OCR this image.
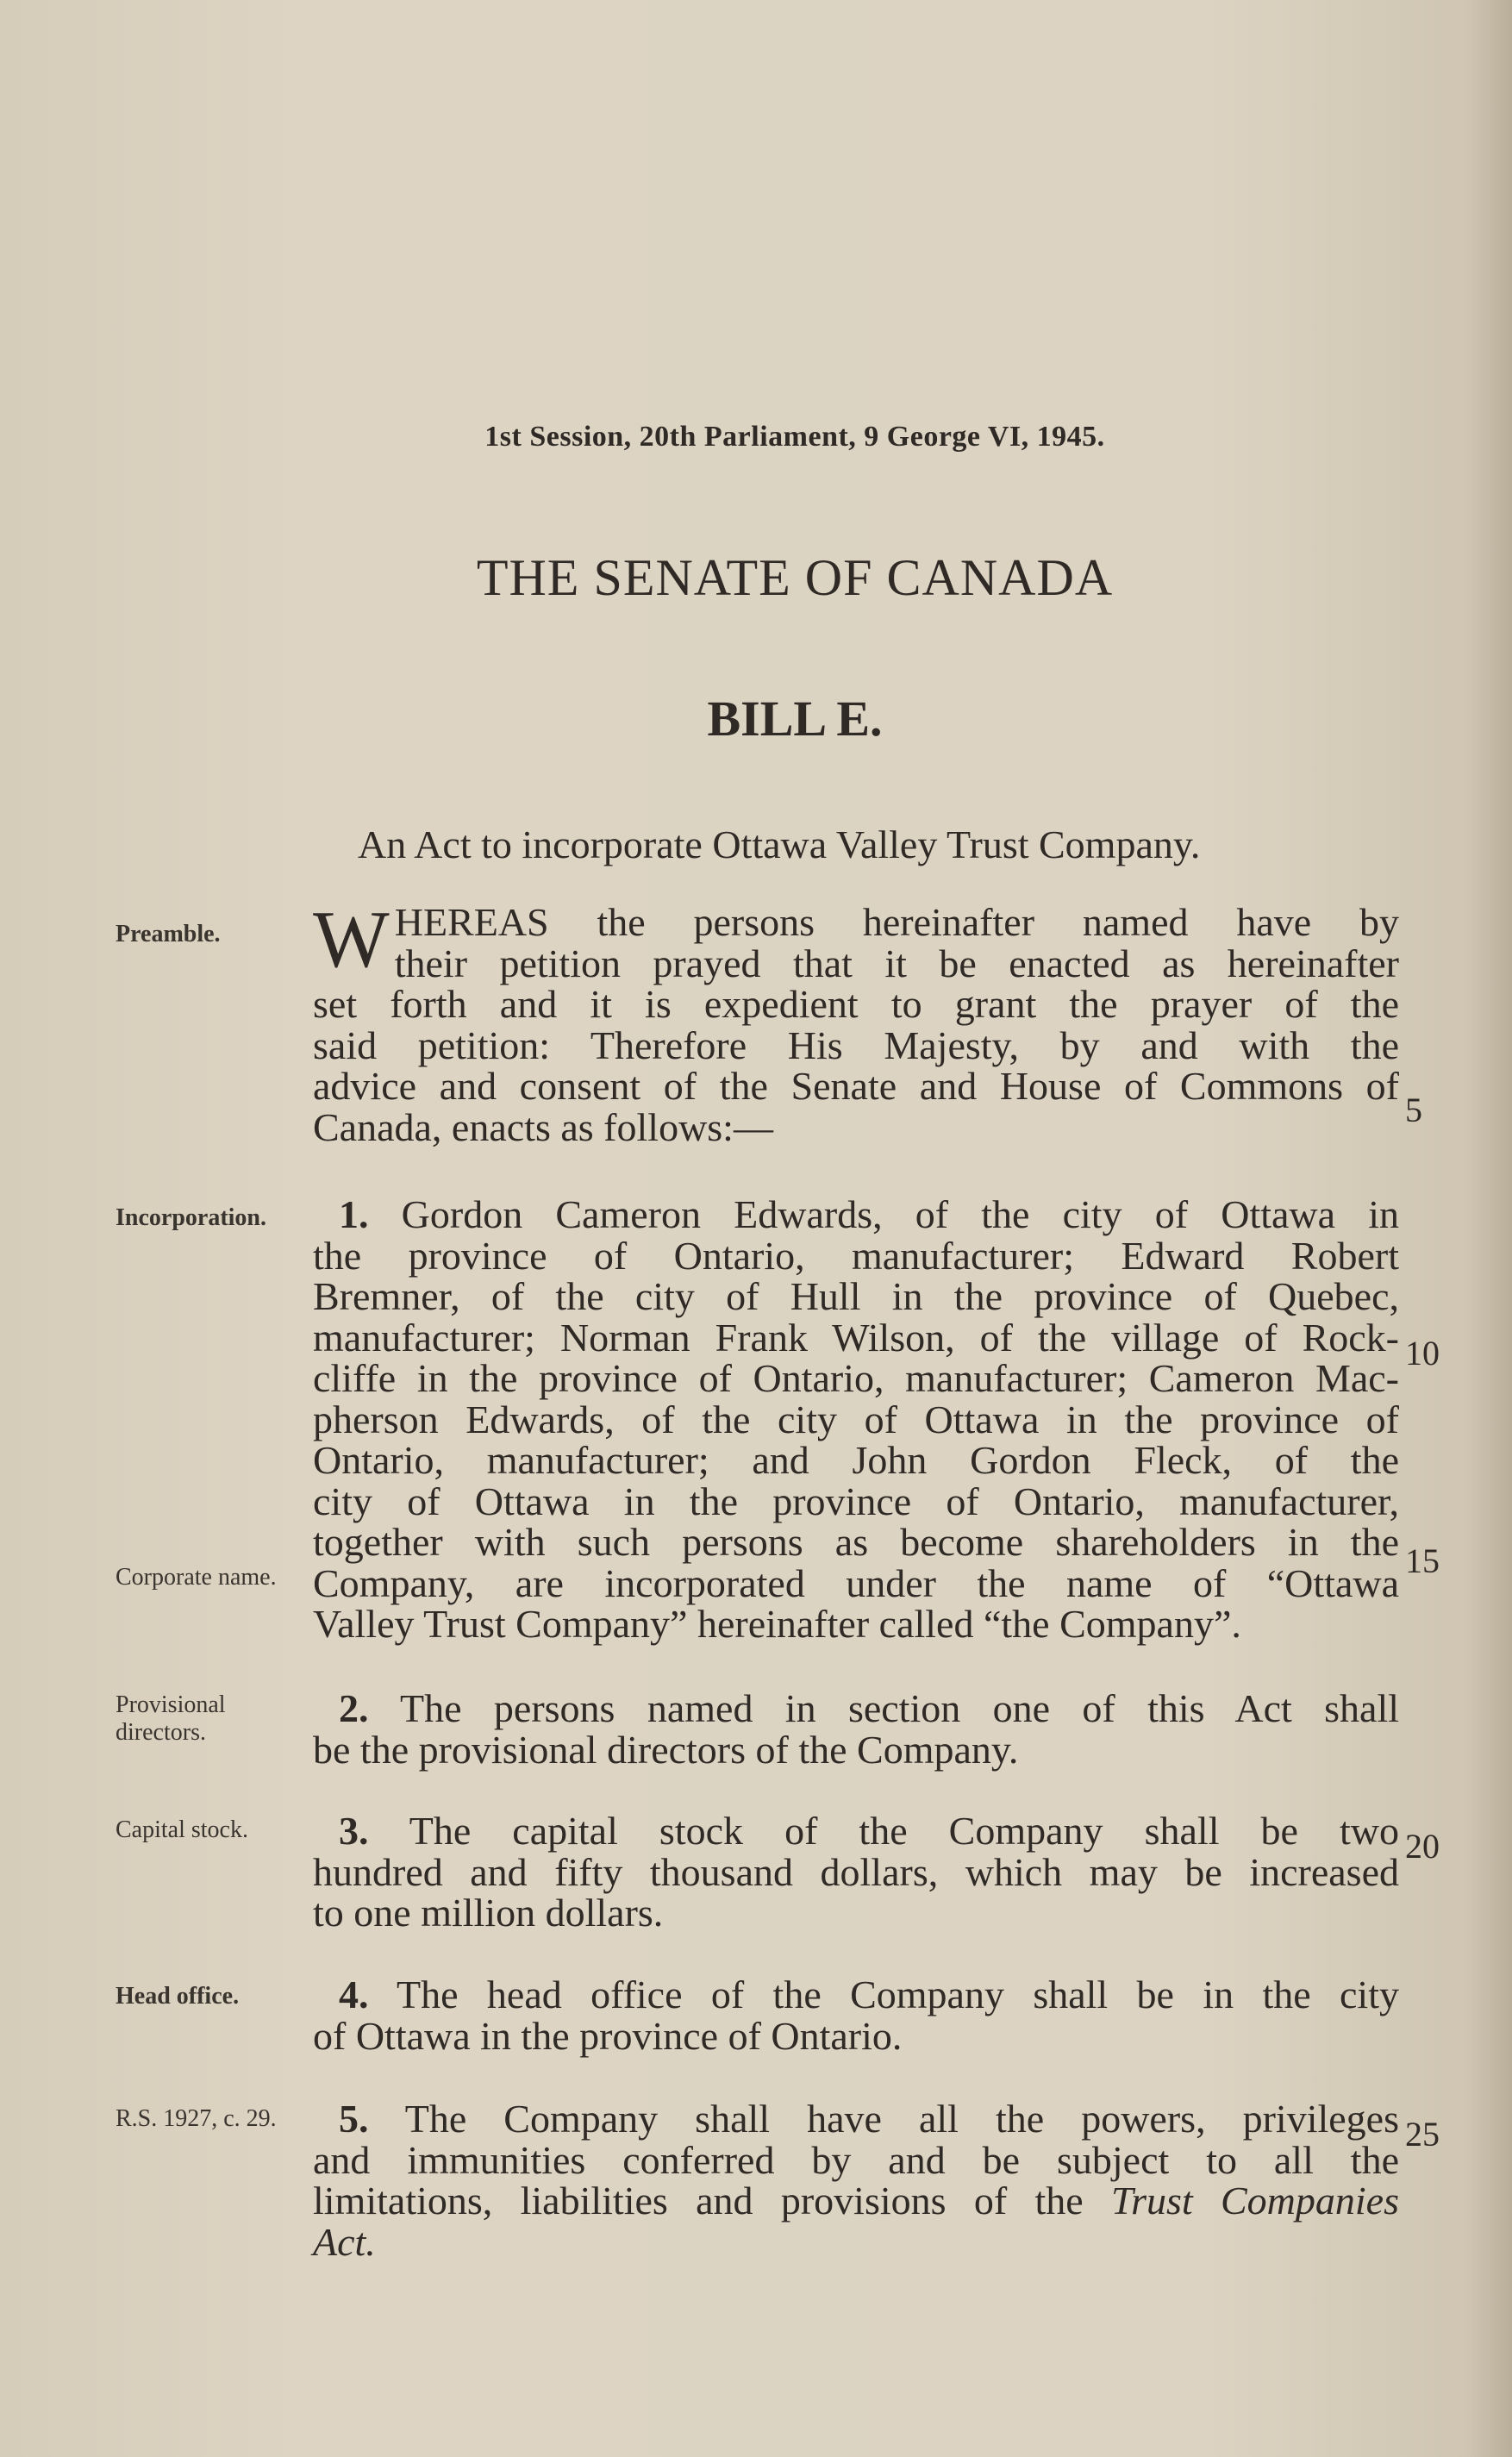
1st Session, 20th Parliament, 9 George VI, 1945.
THE SENATE OF CANADA
BILL E.
An Act to incorporate Ottawa Valley Trust Company.
Preamble.	W HEREAS the persons hereinafter named have by
their petition prayed that it be enacted as hereinafter
set forth and it is expedient to grant the prayer of the
said petition: Therefore His Majesty, by and with the
advice and consent of the Senate and House of Commons of
Canada, enacts as follows:—	5
Incorporation.
Corporate name.
1. Gordon Cameron Edwards, of the city of Ottawa in
the province of Ontario, manufacturer; Edward Robert
Bremner, of the city of Hull in the province of Quebec,
manufacturer; Norman Frank Wilson, of the village of Rock-
cliffe in the province of Ontario, manufacturer; Cameron Mac-
pherson Edwards, of the city of Ottawa in the province of
Ontario, manufacturer; and John Gordon Fleck, of the
city of Ottawa in the province of Ontario, manufacturer,
together with such persons as become shareholders in the
Company, are incorporated under the name of “Ottawa
Valley Trust Company” hereinafter called “the Company”.
10
15
Provisional directors.
2. The persons named in section one of this Act shall
be the provisional directors of the Company.
Capital stock.	3. The capital stock of the Company shall be two
hundred and fifty thousand dollars, which may be increased
to one million dollars.
20
Head office.	4. The head office of the Company shall be in the city
of Ottawa in the province of Ontario.
R.S. 1927, c. 29.	5. The Company shall have all the powers, privileges
and immunities conferred by and be subject to all the
limitations, liabilities and provisions of the Trust Companies
Act.
25
